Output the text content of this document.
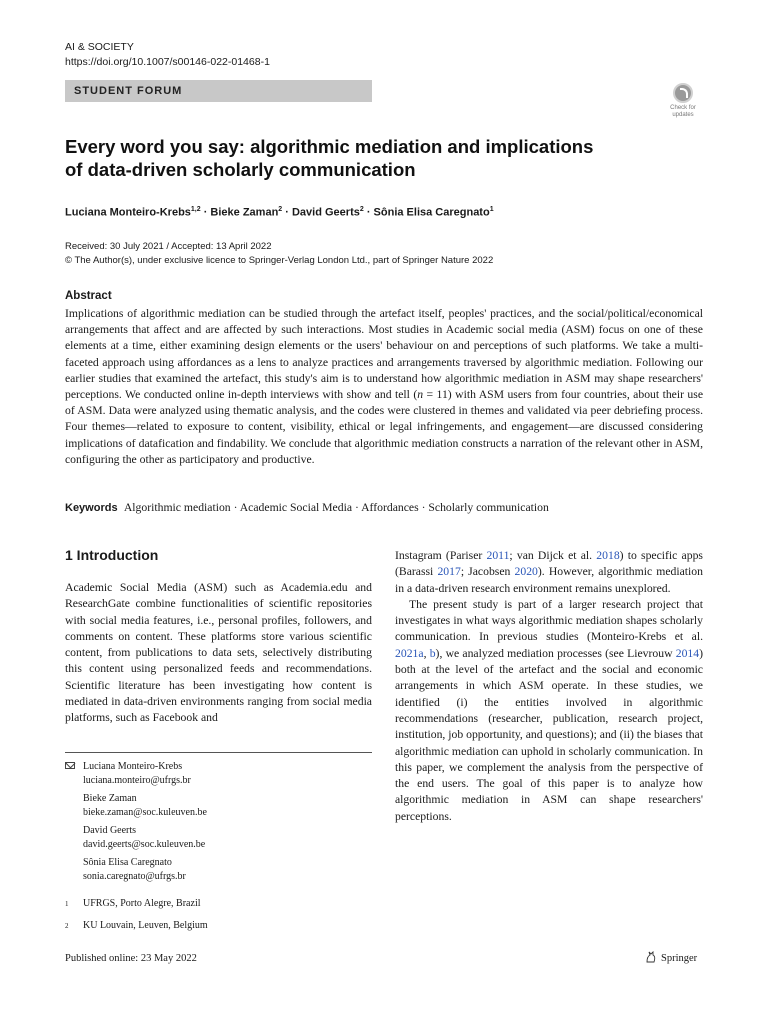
AI & SOCIETY
https://doi.org/10.1007/s00146-022-01468-1
STUDENT FORUM
Check for
updates
Every word you say: algorithmic mediation and implications
of data-driven scholarly communication
Luciana Monteiro-Krebs$^{1,2}$ · Bieke Zaman$^2$ · David Geerts$^2$ · Sônia Elisa Caregnato$^1$
Received: 30 July 2021 / Accepted: 13 April 2022
© The Author(s), under exclusive licence to Springer-Verlag London Ltd., part of Springer Nature 2022
Abstract
Implications of algorithmic mediation can be studied through the artefact itself, peoples' practices, and the social/political/economical arrangements that affect and are affected by such interactions. Most studies in Academic social media (ASM) focus on one of these elements at a time, either examining design elements or the users' behaviour on and perceptions of such platforms. We take a multi-faceted approach using affordances as a lens to analyze practices and arrangements traversed by algorithmic mediation. Following our earlier studies that examined the artefact, this study's aim is to understand how algorithmic mediation in ASM may shape researchers' perceptions. We conducted online in-depth interviews with show and tell (n = 11) with ASM users from four countries, about their use of ASM. Data were analyzed using thematic analysis, and the codes were clustered in themes and validated via peer debriefing process. Four themes—related to exposure to content, visibility, ethical or legal infringements, and engagement—are discussed considering implications of datafication and findability. We conclude that algorithmic mediation constructs a narration of the relevant other in ASM, configuring the other as participatory and productive.
Keywords Algorithmic mediation · Academic Social Media · Affordances · Scholarly communication
1 Introduction

Academic Social Media (ASM) such as Academia.edu and ResearchGate combine functionalities of scientific repositories with social media features, i.e., personal profiles, followers, and comments on content. These platforms store various scientific content, from publications to data sets, selectively distributing this content using personalized feeds and recommendations. Scientific literature has been investigating how content is mediated in data-driven environments ranging from social media platforms, such as Facebook and

Instagram (Pariser 2011; van Dijck et al. 2018) to specific apps (Barassi 2017; Jacobsen 2020). However, algorithmic mediation in a data-driven research environment remains unexplored.

The present study is part of a larger research project that investigates in what ways algorithmic mediation shapes scholarly communication. In previous studies (Monteiro-Krebs et al. 2021a, b), we analyzed mediation processes (see Lievrouw 2014) both at the level of the artefact and the social and economic arrangements in which ASM operate. In these studies, we identified (i) the entities involved in algorithmic recommendations (researcher, publication, research project, institution, job opportunity, and questions); and (ii) the biases that algorithmic mediation can uphold in scholarly communication. In this paper, we complement the analysis from the perspective of the end users. The goal of this paper is to analyze how algorithmic mediation in ASM can shape researchers' perceptions.

Luciana Monteiro-Krebs
luciana.monteiro@ufrgs.br
Bieke Zaman
bieke.zaman@soc.kuleuven.be
David Geerts
david.geerts@soc.kuleuven.be
Sônia Elisa Caregnato
sonia.caregnato@ufrgs.br

1 UFRGS, Porto Alegre, Brazil

2 KU Louvain, Leuven, Belgium

Published online: 23 May 2022	Springer
